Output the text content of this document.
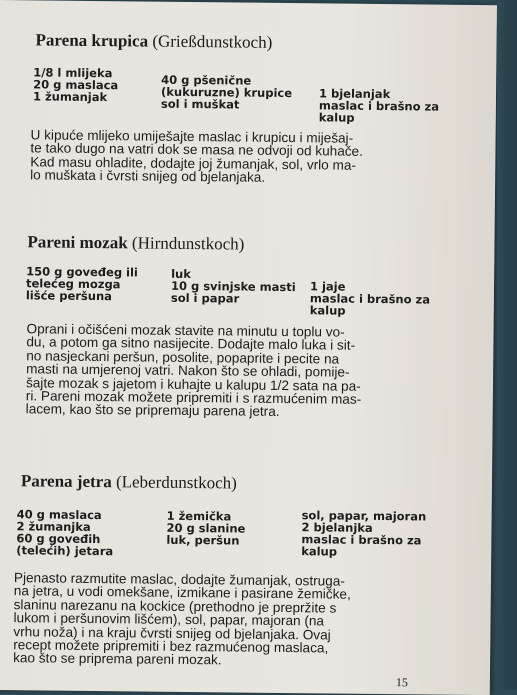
Parena krupica (Grießdunstkoch)
1/8 l mlijeka
20 g maslaca
1 žumanjak
40 g pšenične
(kukuruzne) krupice
sol i muškat
1 bjelanjak
maslac i brašno za
kalup
U kipuće mlijeko umiješajte maslac i krupicu i miješaj-
te tako dugo na vatri dok se masa ne odvoji od kuhače.
Kad masu ohladite, dodajte joj žumanjak, sol, vrlo ma-
lo muškata i čvrsti snijeg od bjelanjaka.
Pareni mozak (Hirndunstkoch)
150 g goveđeg ili
telećeg mozga
lišće peršuna
luk
10 g svinjske masti
sol i papar
1 jaje
maslac i brašno za
kalup
Oprani i očišćeni mozak stavite na minutu u toplu vo-
du, a potom ga sitno nasijecite. Dodajte malo luka i sit-
no nasjeckani peršun, posolite, popaprite i pecite na
masti na umjerenoj vatri. Nakon što se ohladi, pomije-
šajte mozak s jajetom i kuhajte u kalupu 1/2 sata na pa-
ri. Pareni mozak možete pripremiti i s razmućenim mas-
lacem, kao što se pripremaju parena jetra.
Parena jetra (Leberdunstkoch)
40 g maslaca
2 žumanjka
60 g goveđih
(telećih) jetara
1 žemička
20 g slanine
luk, peršun
sol, papar, majoran
2 bjelanjka
maslac i brašno za
kalup
Pjenasto razmutite maslac, dodajte žumanjak, ostruga-
na jetra, u vodi omekšane, izmikane i pasirane žemičke,
slaninu narezanu na kockice (prethodno je prepržite s
lukom i peršunovim lišćem), sol, papar, majoran (na
vrhu noža) i na kraju čvrsti snijeg od bjelanjaka. Ovaj
recept možete pripremiti i bez razmućenog maslaca,
kao što se priprema pareni mozak.
15
